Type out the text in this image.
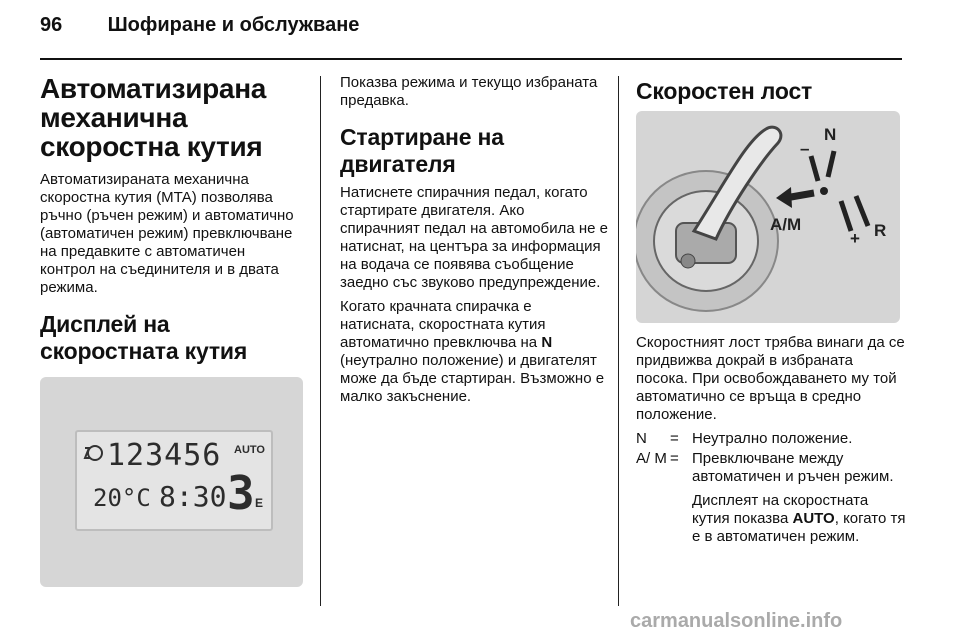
96 Шофиране и обслужване
Автоматизирана механична скоростна кутия

Автоматизираната механична скоростна кутия (MTA) позволява ръчно (ръчен режим) и автоматично (автоматичен режим) превключване на предавките с автоматичен контрол на съединителя и в двата режима.

Дисплей на скоростната кутия
123456 AUTO
20°C 8:30 3 E

Показва режима и текущо избраната предавка.

Стартиране на двигателя

Натиснете спирачния педал, когато стартирате двигателя. Ако спирачният педал на автомобила не е натиснат, на центъра за информация на водача се появява съобщение заедно със звуково предупреждение.

Когато крачната спирачка е натисната, скоростната кутия автоматично превключва на N (неутрално положение) и двигателят може да бъде стартиран. Възможно е малко закъснение.

Скоростен лост
N
–
A/M
+ R

Скоростният лост трябва винаги да се придвижва докрай в избраната посока. При освобождаването му той автоматично се връща в средно положение.

N	= Неутрално положение.
A/ M = Превключване между автоматичен и ръчен режим.
Дисплеят на скоростната кутия показва AUTO, когато тя е в автоматичен режим.
carmanualsonline.info
